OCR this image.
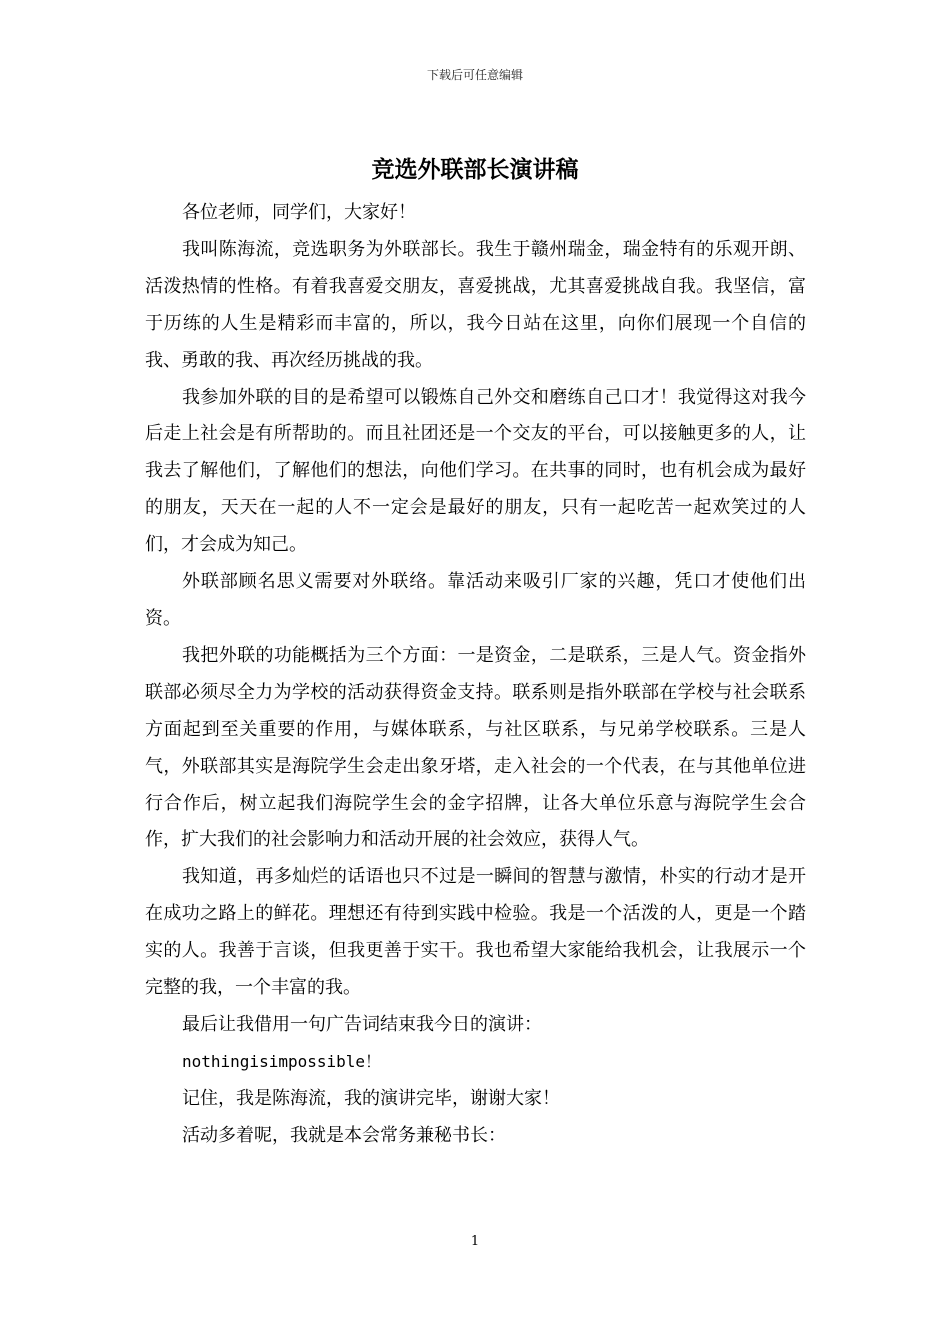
下载后可任意编辑
竞选外联部长演讲稿

各位老师，同学们，大家好！

我叫陈海流，竞选职务为外联部长。我生于赣州瑞金，瑞金特有的乐观开朗、活泼热情的性格。有着我喜爱交朋友，喜爱挑战，尤其喜爱挑战自我。我坚信，富于历练的人生是精彩而丰富的，所以，我今日站在这里，向你们展现一个自信的我、勇敢的我、再次经历挑战的我。

我参加外联的目的是希望可以锻炼自己外交和磨练自己口才！我觉得这对我今后走上社会是有所帮助的。而且社团还是一个交友的平台，可以接触更多的人，让我去了解他们，了解他们的想法，向他们学习。在共事的同时，也有机会成为最好的朋友，天天在一起的人不一定会是最好的朋友，只有一起吃苦一起欢笑过的人们，才会成为知己。

外联部顾名思义需要对外联络。靠活动来吸引厂家的兴趣，凭口才使他们出资。

我把外联的功能概括为三个方面：一是资金，二是联系，三是人气。资金指外联部必须尽全力为学校的活动获得资金支持。联系则是指外联部在学校与社会联系方面起到至关重要的作用，与媒体联系，与社区联系，与兄弟学校联系。三是人气，外联部其实是海院学生会走出象牙塔，走入社会的一个代表，在与其他单位进行合作后，树立起我们海院学生会的金字招牌，让各大单位乐意与海院学生会合作，扩大我们的社会影响力和活动开展的社会效应，获得人气。

我知道，再多灿烂的话语也只不过是一瞬间的智慧与激情，朴实的行动才是开在成功之路上的鲜花。理想还有待到实践中检验。我是一个活泼的人，更是一个踏实的人。我善于言谈，但我更善于实干。我也希望大家能给我机会，让我展示一个完整的我，一个丰富的我。

最后让我借用一句广告词结束我今日的演讲：

nothingisimpossible！

记住，我是陈海流，我的演讲完毕，谢谢大家！

活动多着呢，我就是本会常务兼秘书长：

1
